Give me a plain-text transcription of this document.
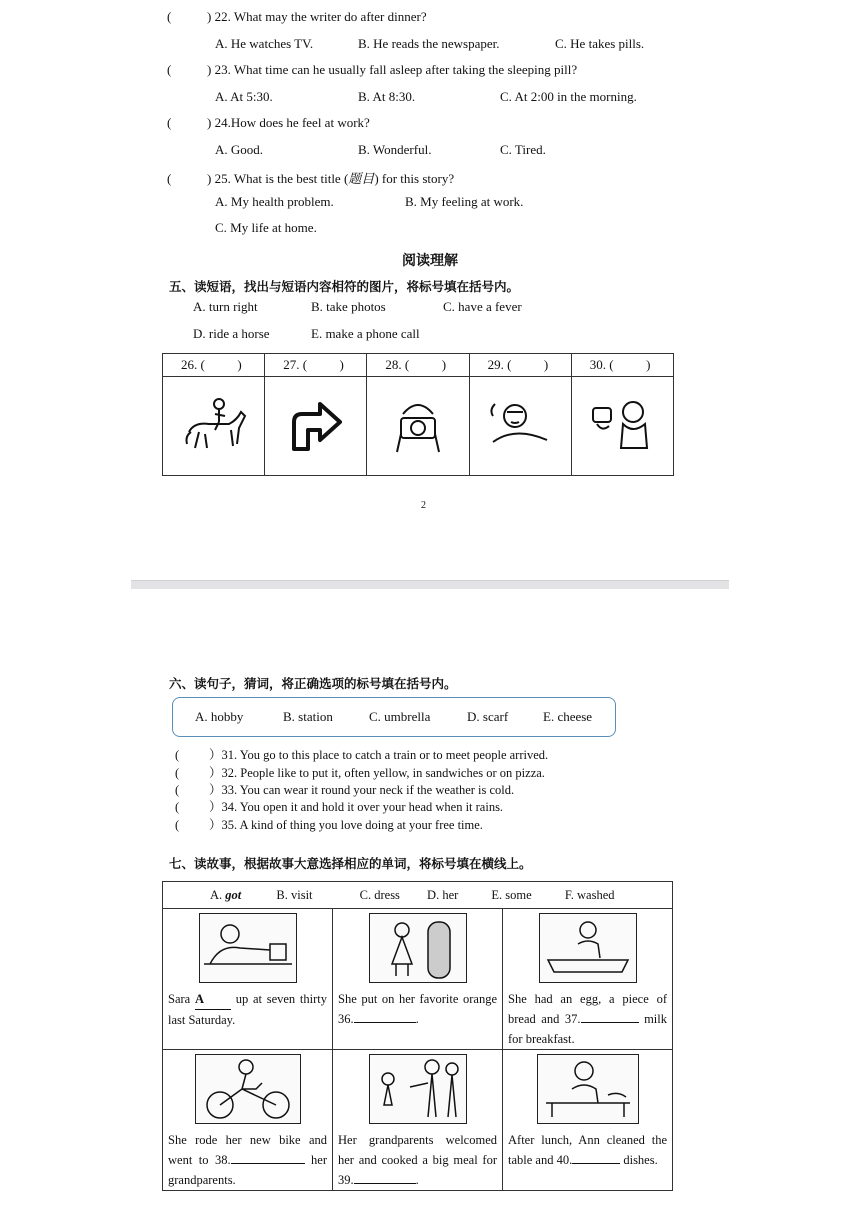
(	) 22. What may the writer do after dinner?
A. He watches TV.	B. He reads the newspaper.	C. He takes pills.
(	) 23. What time can he usually fall asleep after taking the sleeping pill?
A. At 5:30.	B. At 8:30.	C. At 2:00 in the morning.
(	) 24.How does he feel at work?
A. Good.	B. Wonderful.	C. Tired.
(	) 25. What is the best title (题目) for this story?
A. My health problem.	B. My feeling at work.
C. My life at home.
阅读理解
五、读短语，找出与短语内容相符的图片，将标号填在括号内。
A. turn right	B. take photos	C. have a fever
D. ride a horse	E. make a phone call
26. (          )	27. (          )	28. (          )	29. (          )	30. (          )

2
六、读句子，猜词，将正确选项的标号填在括号内。
A. hobby	B. station	C. umbrella	D. scarf	E. cheese
( ）31. You go to this place to catch a train or to meet people arrived.
( ）32. People like to put it, often yellow, in sandwiches or on pizza.
( ）33. You can wear it round your neck if the weather is cold.
( ）34. You open it and hold it over your head when it rains.
( ）35. A kind of thing you love doing at your free time.
七、读故事，根据故事大意选择相应的单词，将标号填在横线上。
A. got B. visit C. dress D. her E. some F. washed		

Sara A up at seven thirty last Saturday.	She put on her favorite orange 36. .	She had an egg, a piece of bread and 37. milk for breakfast.

She rode her new bike and went to 38. her grandparents.	Her grandparents welcomed her and cooked a big meal for 39. .	After lunch, Ann cleaned the table and 40. dishes.
